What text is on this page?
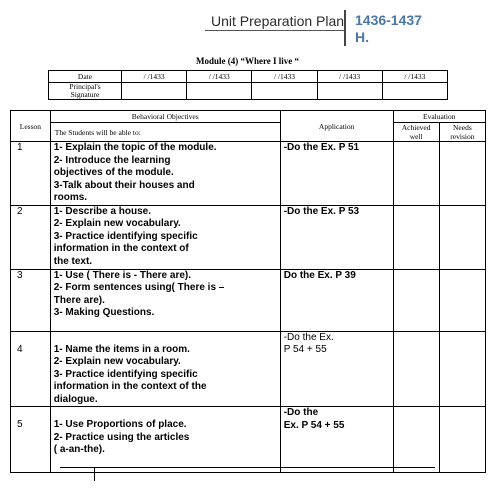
Unit Preparation Plan 1436-1437
H.
Module (4) “Where I live “
Date	/ /1433	/ /1433	/ /1433	/ /1433	/ /1433
Principal's
Signature					
Lesson	Behavioral Objectives	Application	Evaluation	
	The Students will be able to:		Achieved
well	Needs
revision
1	1- Explain the topic of the module.
2- Introduce the learning
objectives of the module.
3-Talk about their houses and
rooms.	-Do the Ex. P 51		

2	1- Describe a house.
2- Explain new vocabulary.
3- Practice identifying specific
information in the context of
the text.	-Do the Ex. P 53		

3	1- Use ( There is - There are).
2- Form sentences using( There is –
There are).
3- Making Questions.	Do the Ex. P 39		

4	1- Name the items in a room.
2- Explain new vocabulary.
3- Practice identifying specific
information in the context of the
dialogue.	-Do the Ex.
P 54 + 55		

5	1- Use Proportions of place.
2- Practice using the articles
( a-an-the).	-Do the
Ex. P 54 + 55		
